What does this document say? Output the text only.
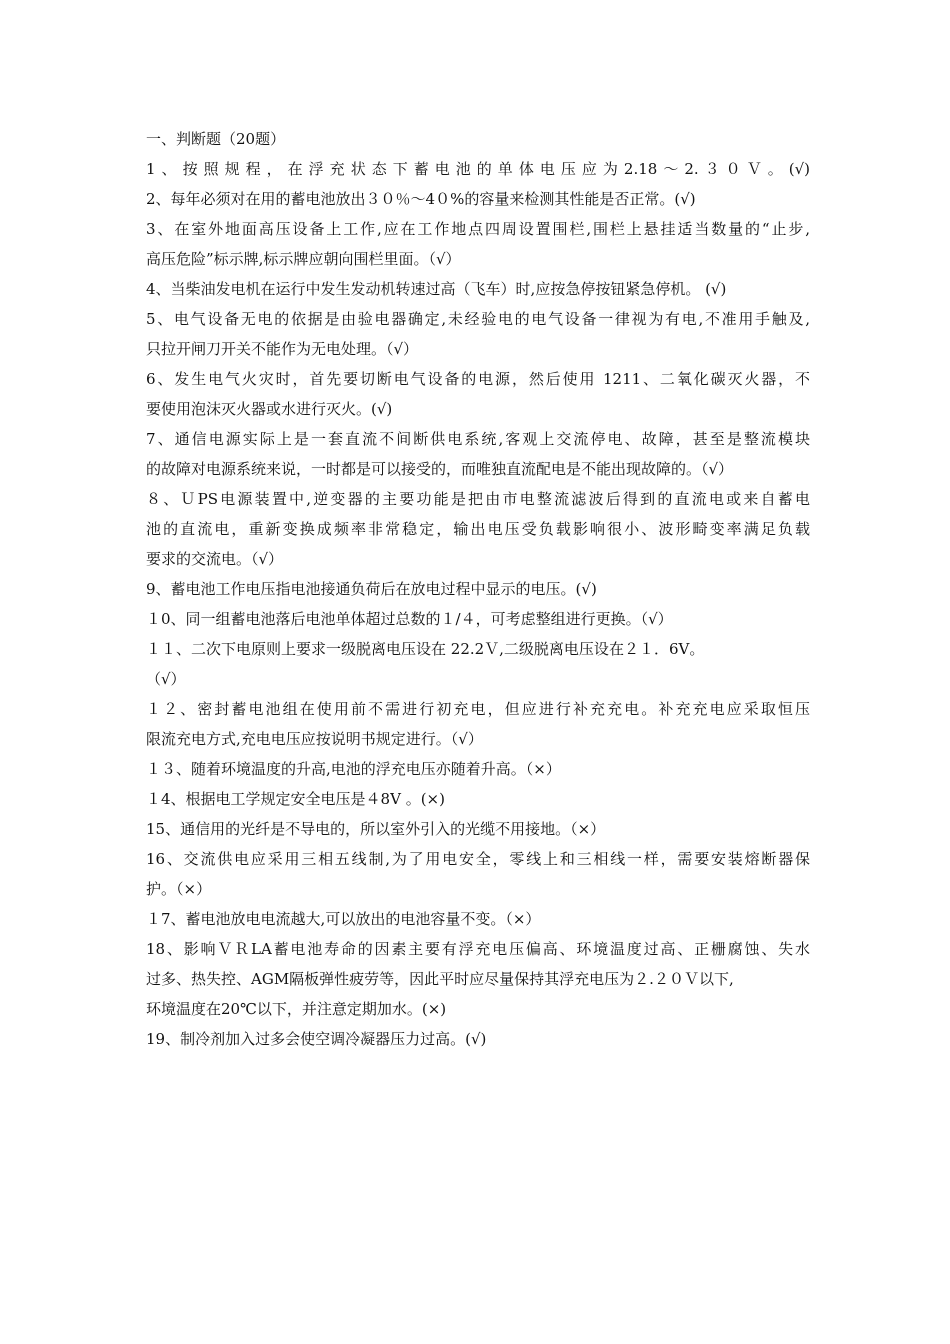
一、判断题（20题）
1、按照规程，在浮充状态下蓄电池的单体电压应为2.18～2.３０Ｖ。(√)
2、每年必须对在用的蓄电池放出３０％～4０%的容量来检测其性能是否正常。(√)
3、在室外地面高压设备上工作,应在工作地点四周设置围栏,围栏上悬挂适当数量的“止步,
高压危险”标示牌,标示牌应朝向围栏里面。（√）
4、当柴油发电机在运行中发生发动机转速过高（飞车）时,应按急停按钮紧急停机。 (√)
5、电气设备无电的依据是由验电器确定,未经验电的电气设备一律视为有电,不准用手触及,
只拉开闸刀开关不能作为无电处理。（√）
6、发生电气火灾时，首先要切断电气设备的电源，然后使用 1211、二氧化碳灭火器，不
要使用泡沫灭火器或水进行灭火。(√)
7、通信电源实际上是一套直流不间断供电系统,客观上交流停电、故障，甚至是整流模块
的故障对电源系统来说，一时都是可以接受的，而唯独直流配电是不能出现故障的。（√）
８、ＵPS电源装置中,逆变器的主要功能是把由市电整流滤波后得到的直流电或来自蓄电
池的直流电，重新变换成频率非常稳定，输出电压受负载影响很小、波形畸变率满足负载
要求的交流电。（√）
9、蓄电池工作电压指电池接通负荷后在放电过程中显示的电压。(√)
１0、同一组蓄电池落后电池单体超过总数的１/４，可考虑整组进行更换。（√）
１１、二次下电原则上要求一级脱离电压设在 22.2Ｖ,二级脱离电压设在２１．6V。
（√）
１２、密封蓄电池组在使用前不需进行初充电，但应进行补充充电。补充充电应采取恒压
限流充电方式,充电电压应按说明书规定进行。（√）
１３、随着环境温度的升高,电池的浮充电压亦随着升高。（×）
１4、根据电工学规定安全电压是４8V 。(×)
15、通信用的光纤是不导电的，所以室外引入的光缆不用接地。（×）
16、交流供电应采用三相五线制,为了用电安全，零线上和三相线一样，需要安装熔断器保
护。（×）
１7、蓄电池放电电流越大,可以放出的电池容量不变。（×）
18、影响ＶＲLA蓄电池寿命的因素主要有浮充电压偏高、环境温度过高、正栅腐蚀、失水
过多、热失控、AGM隔板弹性疲劳等，因此平时应尽量保持其浮充电压为２.２０Ｖ以下,
环境温度在20℃以下，并注意定期加水。(×)
19、制冷剂加入过多会使空调冷凝器压力过高。(√)
